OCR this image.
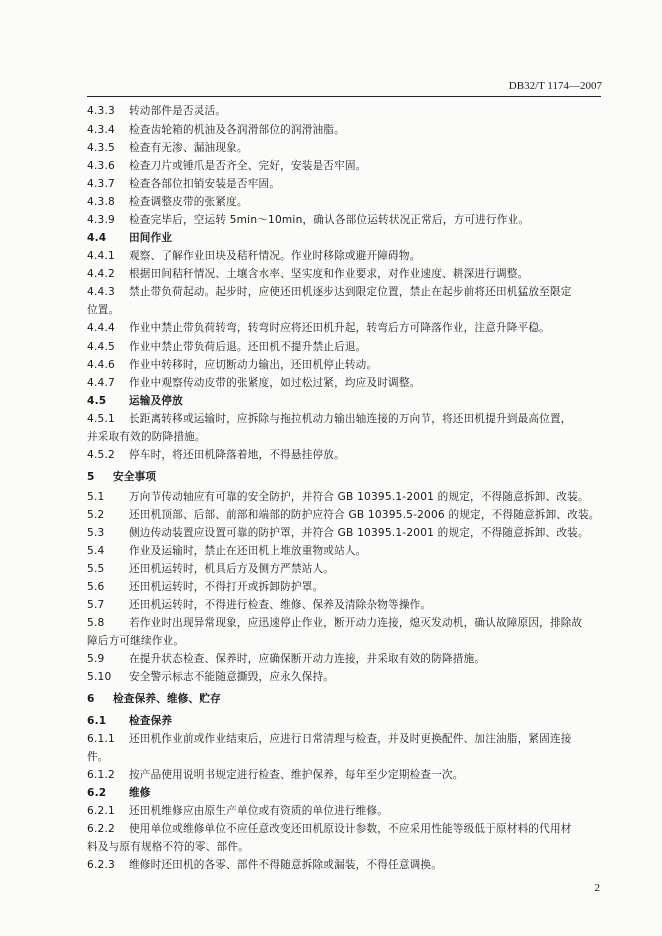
DB32/T 1174—2007
4.3.3 转动部件是否灵活。
4.3.4 检查齿轮箱的机油及各润滑部位的润滑油脂。
4.3.5 检查有无渗、漏油现象。
4.3.6 检查刀片或锤爪是否齐全、完好，安装是否牢固。
4.3.7 检查各部位扣销安装是否牢固。
4.3.8 检查调整皮带的张紧度。
4.3.9 检查完毕后，空运转 5min～10min，确认各部位运转状况正常后，方可进行作业。
4.4 田间作业
4.4.1 观察、了解作业田块及秸秆情况。作业时移除或避开障碍物。
4.4.2 根据田间秸秆情况、土壤含水率、坚实度和作业要求，对作业速度、耕深进行调整。
4.4.3 禁止带负荷起动。起步时，应使还田机逐步达到限定位置，禁止在起步前将还田机猛放至限定
位置。
4.4.4 作业中禁止带负荷转弯，转弯时应将还田机升起，转弯后方可降落作业，注意升降平稳。
4.4.5 作业中禁止带负荷后退。还田机不提升禁止后退。
4.4.6 作业中转移时，应切断动力输出，还田机停止转动。
4.4.7 作业中观察传动皮带的张紧度，如过松过紧，均应及时调整。
4.5 运输及停放
4.5.1 长距离转移或运输时，应拆除与拖拉机动力输出轴连接的万向节，将还田机提升到最高位置，
并采取有效的防降措施。
4.5.2 停车时，将还田机降落着地，不得悬挂停放。
5 安全事项
5.1 万向节传动轴应有可靠的安全防护，并符合 GB 10395.1-2001 的规定，不得随意拆卸、改装。
5.2 还田机顶部、后部、前部和端部的防护应符合 GB 10395.5-2006 的规定，不得随意拆卸、改装。
5.3 侧边传动装置应设置可靠的防护罩，并符合 GB 10395.1-2001 的规定，不得随意拆卸、改装。
5.4 作业及运输时，禁止在还田机上堆放重物或站人。
5.5 还田机运转时，机具后方及侧方严禁站人。
5.6 还田机运转时，不得打开或拆卸防护罩。
5.7 还田机运转时，不得进行检查、维修、保养及清除杂物等操作。
5.8 若作业时出现异常现象，应迅速停止作业，断开动力连接，熄灭发动机，确认故障原因，排除故
障后方可继续作业。
5.9 在提升状态检查、保养时，应确保断开动力连接，并采取有效的防降措施。
5.10 安全警示标志不能随意撕毁，应永久保持。
6 检查保养、维修、贮存
6.1 检查保养
6.1.1 还田机作业前或作业结束后，应进行日常清理与检查，并及时更换配件、加注油脂，紧固连接
件。
6.1.2 按产品使用说明书规定进行检查、维护保养，每年至少定期检查一次。
6.2 维修
6.2.1 还田机维修应由原生产单位或有资质的单位进行维修。
6.2.2 使用单位或维修单位不应任意改变还田机原设计参数，不应采用性能等级低于原材料的代用材
料及与原有规格不符的零、部件。
6.2.3 维修时还田机的各零、部件不得随意拆除或漏装，不得任意调换。
2
